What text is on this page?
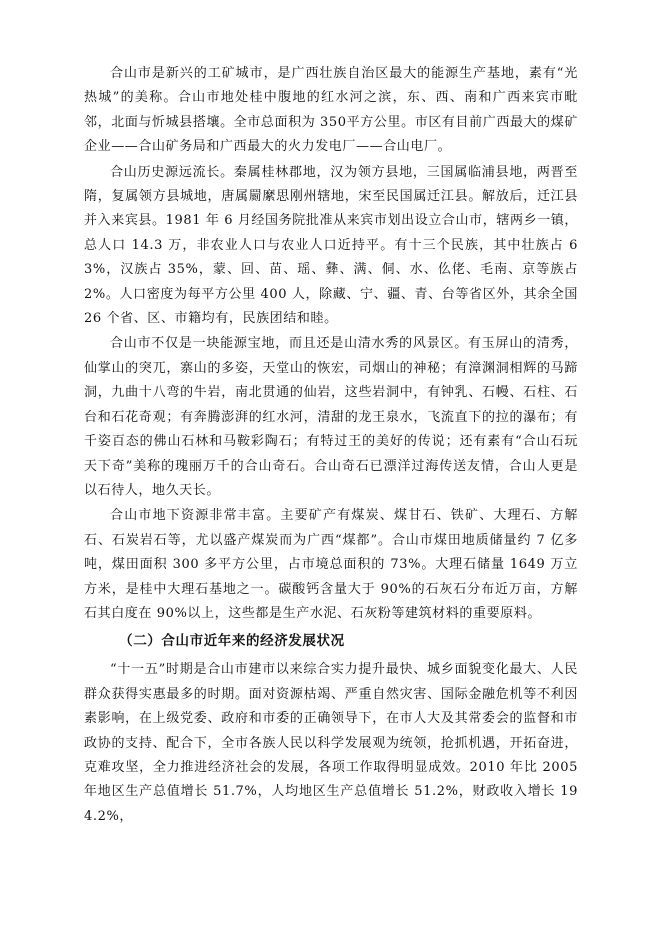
合山市是新兴的工矿城市，是广西壮族自治区最大的能源生产基地，素有“光热城”的美称。合山市地处桂中腹地的红水河之滨，东、西、南和广西来宾市毗邻，北面与忻城县搭壤。全市总面积为 350平方公里。市区有目前广西最大的煤矿企业——合山矿务局和广西最大的火力发电厂——合山电厂。

合山历史源远流长。秦属桂林郡地，汉为领方县地，三国属临浦县地，两晋至隋，复属领方县城地，唐属罽縻思刚州辖地，宋至民国属迁江县。解放后，迁江县并入来宾县。1981 年 6 月经国务院批准从来宾市划出设立合山市，辖两乡一镇，总人口 14.3 万，非农业人口与农业人口近持平。有十三个民族，其中壮族占 63%，汉族占 35%，蒙、回、苗、瑶、彝、满、侗、水、仫佬、毛南、京等族占 2%。人口密度为每平方公里 400 人，除藏、宁、疆、青、台等省区外，其余全国 26 个省、区、市籍均有，民族团结和睦。

合山市不仅是一块能源宝地，而且还是山清水秀的风景区。有玉屏山的清秀，仙掌山的突兀，寨山的多姿，天堂山的恢宏，司烟山的神秘；有漳渊洞相辉的马蹄洞，九曲十八弯的牛岩，南北贯通的仙岩，这些岩洞中，有钟乳、石幔、石柱、石台和石花奇观；有奔腾澎湃的红水河，清甜的龙王泉水，飞流直下的拉的瀑布；有千姿百态的佛山石林和马鞍彩陶石；有特过王的美好的传说；还有素有“合山石玩天下奇”美称的瑰丽万千的合山奇石。合山奇石已漂洋过海传送友情，合山人更是以石待人，地久天长。

合山市地下资源非常丰富。主要矿产有煤炭、煤甘石、铁矿、大理石、方解石、石炭岩石等，尤以盛产煤炭而为广西“煤都”。合山市煤田地质储量约 7 亿多吨，煤田面积 300 多平方公里，占市境总面积的 73%。大理石储量 1649 万立方米，是桂中大理石基地之一。碳酸钙含量大于 90%的石灰石分布近万亩，方解石其白度在 90%以上，这些都是生产水泥、石灰粉等建筑材料的重要原料。

（二）合山市近年来的经济发展状况

“十一五”时期是合山市建市以来综合实力提升最快、城乡面貌变化最大、人民群众获得实惠最多的时期。面对资源枯竭、严重自然灾害、国际金融危机等不利因素影响，在上级党委、政府和市委的正确领导下，在市人大及其常委会的监督和市政协的支持、配合下，全市各族人民以科学发展观为统领，抢抓机遇，开拓奋进，克难攻坚，全力推进经济社会的发展，各项工作取得明显成效。2010 年比 2005 年地区生产总值增长 51.7%，人均地区生产总值增长 51.2%，财政收入增长 194.2%，
